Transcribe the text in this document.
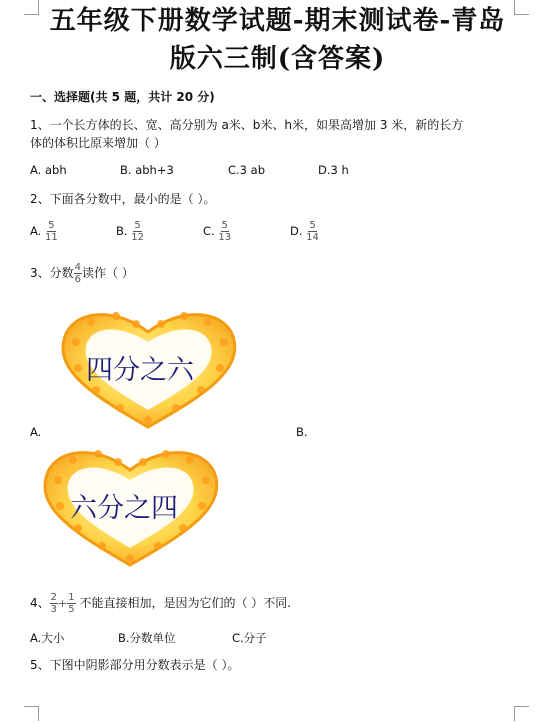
五年级下册数学试题-期末测试卷-青岛
版六三制(含答案)
一、选择题(共 5 题，共计 20 分)
1、一个长方体的长、宽、高分别为 a米、b米、h米，如果高增加 3 米，新的长方
体的体积比原来增加（ ）
A. abh	B. abh+3	C.3 ab	D.3 h
2、下面各分数中，最小的是（ ）。
A. $\frac{5}{11}$	B. $\frac{5}{12}$	C. $\frac{5}{13}$	D. $\frac{5}{14}$
3、分数 $\frac{4}{6}$ 读作（ ）
四分之六
A.	B.
六分之四
4、 $\frac{2}{3} + \frac{1}{5}$ 不能直接相加，是因为它们的（ ）不同.
A.大小	B.分数单位	C.分子
5、下图中阴影部分用分数表示是（ ）。
